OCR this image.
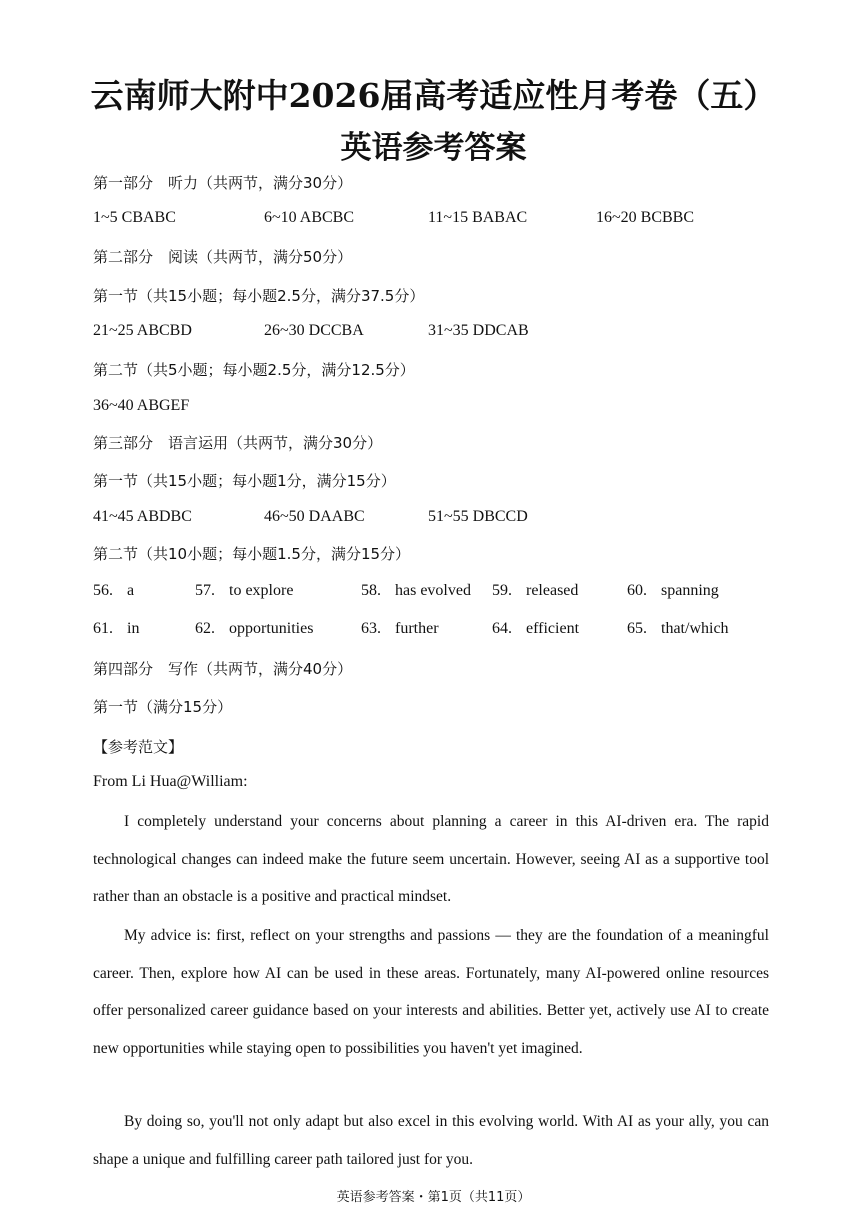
云南师大附中2026届高考适应性月考卷（五）
英语参考答案
第一部分　听力（共两节，满分30分）
1~5 CBABC	6~10 ABCBC	11~15 BABAC	16~20 BCBBC
第二部分　阅读（共两节，满分50分）
第一节（共15小题；每小题2.5分，满分37.5分）
21~25 ABCBD	26~30 DCCBA	31~35 DDCAB
第二节（共5小题；每小题2.5分，满分12.5分）
36~40 ABGEF
第三部分　语言运用（共两节，满分30分）
第一节（共15小题；每小题1分，满分15分）
41~45 ABDBC	46~50 DAABC	51~55 DBCCD
第二节（共10小题；每小题1.5分，满分15分）
56. a	57. to explore	58. has evolved 59. released	60. spanning
61. in	62. opportunities	63. further	64. efficient	65. that/which
第四部分　写作（共两节，满分40分）
第一节（满分15分）
【参考范文】
From Li Hua@William:
I completely understand your concerns about planning a career in this AI-driven era. The rapid technological changes can indeed make the future seem uncertain. However, seeing AI as a supportive tool rather than an obstacle is a positive and practical mindset.
My advice is: first, reflect on your strengths and passions — they are the foundation of a meaningful career. Then, explore how AI can be used in these areas. Fortunately, many AI-powered online resources offer personalized career guidance based on your interests and abilities. Better yet, actively use AI to create new opportunities while staying open to possibilities you haven't yet imagined.
By doing so, you'll not only adapt but also excel in this evolving world. With AI as your ally, you can shape a unique and fulfilling career path tailored just for you.
英语参考答案・第1页（共11页）
